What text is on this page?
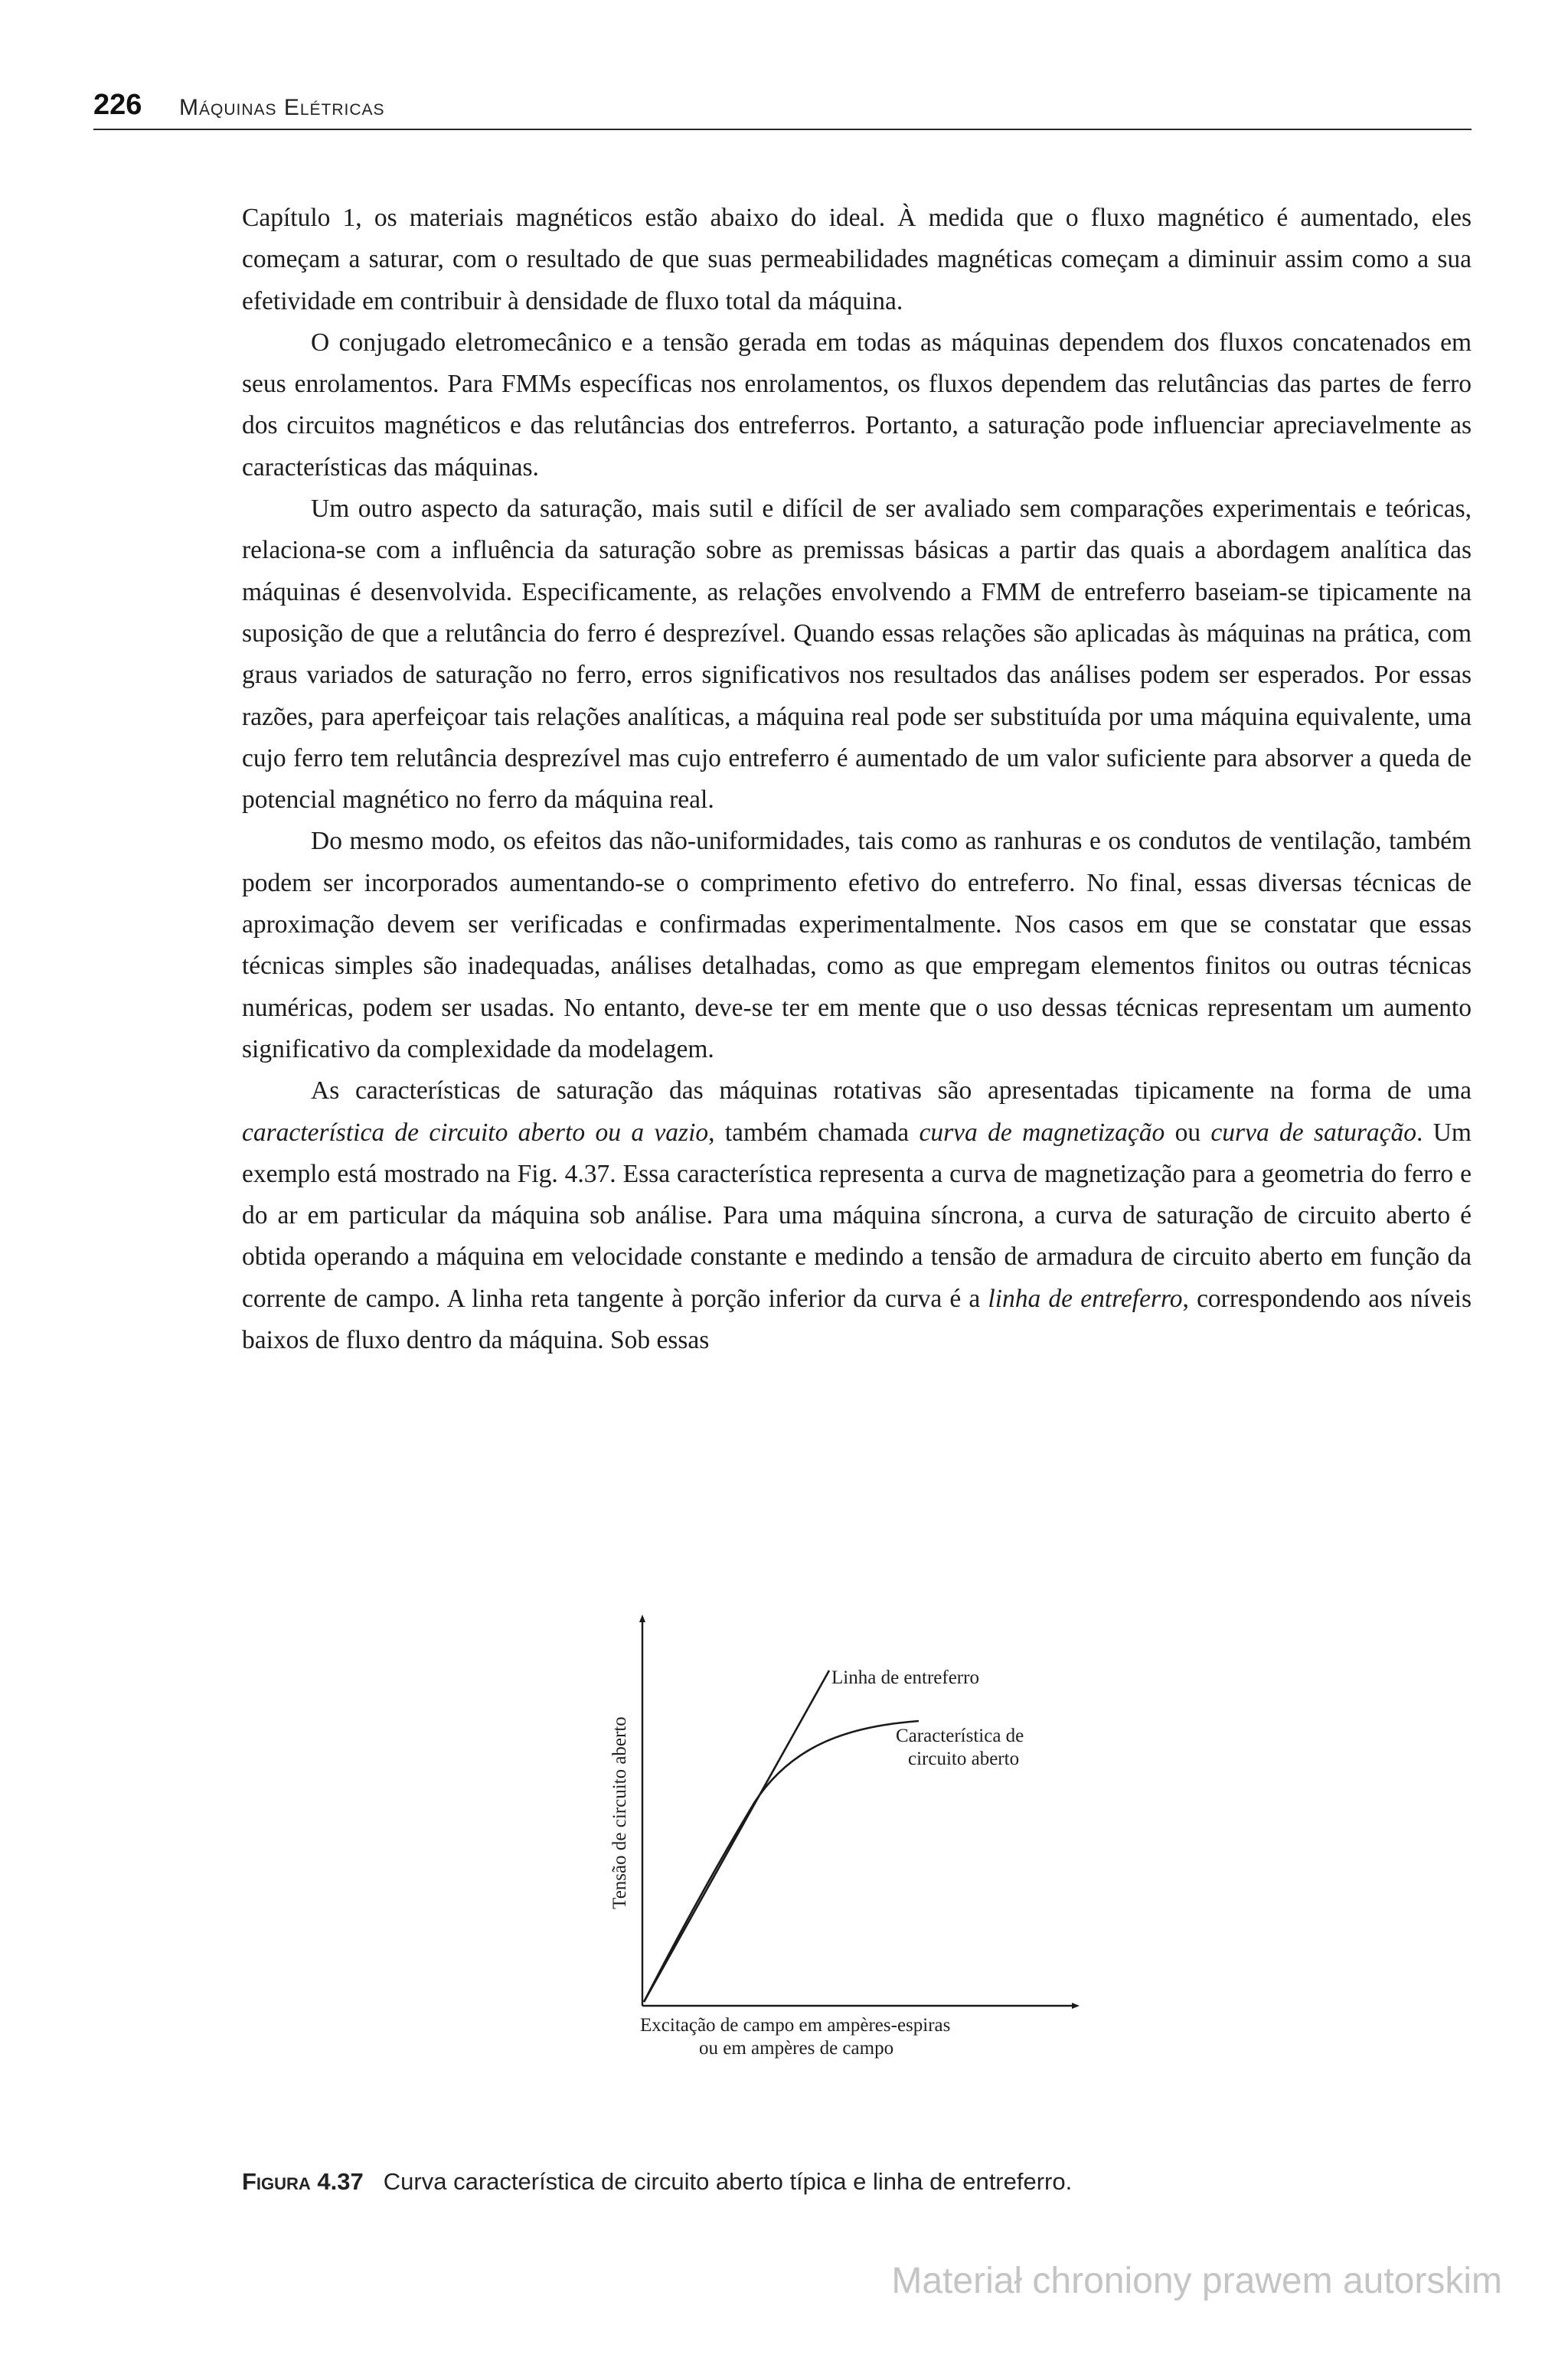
226 Máquinas Elétricas

Capítulo 1, os materiais magnéticos estão abaixo do ideal. À medida que o fluxo magnético é aumentado, eles começam a saturar, com o resultado de que suas permeabilidades magnéticas começam a diminuir assim como a sua efetividade em contribuir à densidade de fluxo total da máquina.

O conjugado eletromecânico e a tensão gerada em todas as máquinas dependem dos fluxos concatenados em seus enrolamentos. Para FMMs específicas nos enrolamentos, os fluxos dependem das relutâncias das partes de ferro dos circuitos magnéticos e das relutâncias dos entreferros. Portanto, a saturação pode influenciar apreciavelmente as características das máquinas.

Um outro aspecto da saturação, mais sutil e difícil de ser avaliado sem comparações experimentais e teóricas, relaciona-se com a influência da saturação sobre as premissas básicas a partir das quais a abordagem analítica das máquinas é desenvolvida. Especificamente, as relações envolvendo a FMM de entreferro baseiam-se tipicamente na suposição de que a relutância do ferro é desprezível. Quando essas relações são aplicadas às máquinas na prática, com graus variados de saturação no ferro, erros significativos nos resultados das análises podem ser esperados. Por essas razões, para aperfeiçoar tais relações analíticas, a máquina real pode ser substituída por uma máquina equivalente, uma cujo ferro tem relutância desprezível mas cujo entreferro é aumentado de um valor suficiente para absorver a queda de potencial magnético no ferro da máquina real.

Do mesmo modo, os efeitos das não-uniformidades, tais como as ranhuras e os condutos de ventilação, também podem ser incorporados aumentando-se o comprimento efetivo do entreferro. No final, essas diversas técnicas de aproximação devem ser verificadas e confirmadas experimentalmente. Nos casos em que se constatar que essas técnicas simples são inadequadas, análises detalhadas, como as que empregam elementos finitos ou outras técnicas numéricas, podem ser usadas. No entanto, deve-se ter em mente que o uso dessas técnicas representam um aumento significativo da complexidade da modelagem.

As características de saturação das máquinas rotativas são apresentadas tipicamente na forma de uma característica de circuito aberto ou a vazio, também chamada curva de magnetização ou curva de saturação. Um exemplo está mostrado na Fig. 4.37. Essa característica representa a curva de magnetização para a geometria do ferro e do ar em particular da máquina sob análise. Para uma máquina síncrona, a curva de saturação de circuito aberto é obtida operando a máquina em velocidade constante e medindo a tensão de armadura de circuito aberto em função da corrente de campo. A linha reta tangente à porção inferior da curva é a linha de entreferro, correspondendo aos níveis baixos de fluxo dentro da máquina. Sob essas

Linha de entreferro
Característica de
circuito aberto
Tensão de circuito aberto
Excitação de campo em ampères-espiras
ou em ampères de campo
Figura 4.37 Curva característica de circuito aberto típica e linha de entreferro.
Materiał chroniony prawem autorskim
